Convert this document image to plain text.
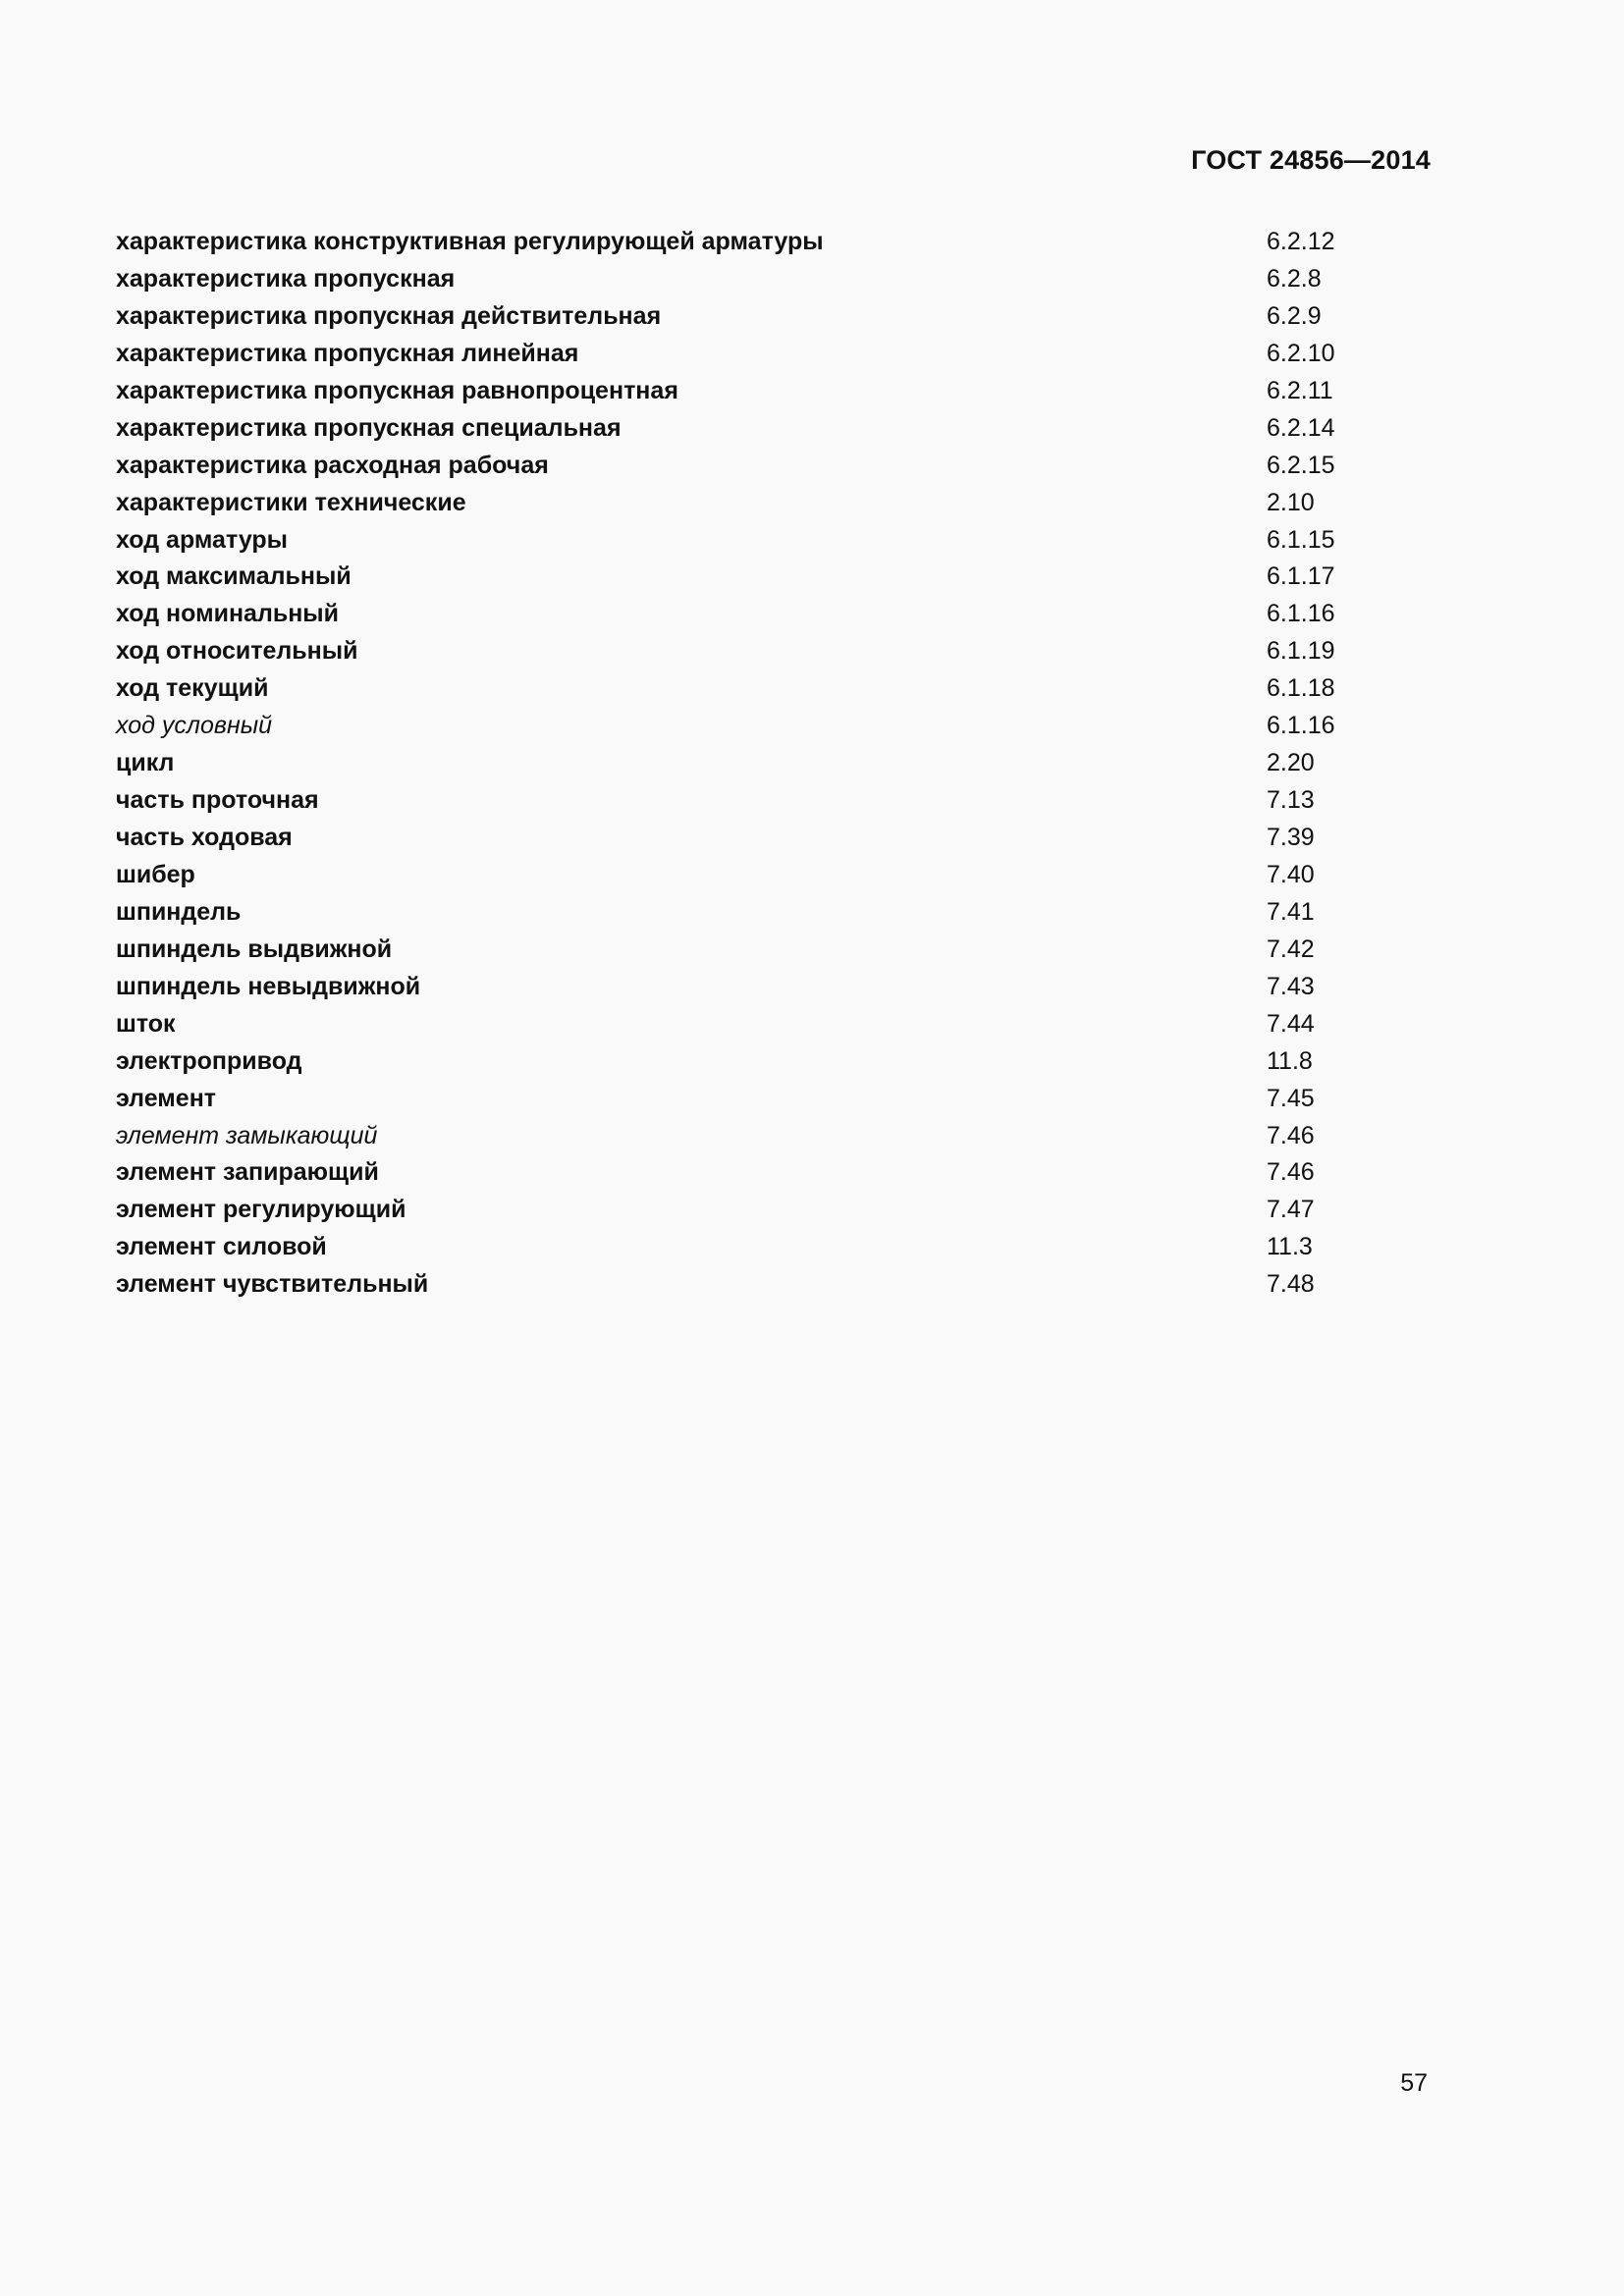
ГОСТ 24856—2014
характеристика конструктивная регулирующей арматуры	6.2.12
характеристика пропускная	6.2.8
характеристика пропускная действительная	6.2.9
характеристика пропускная линейная	6.2.10
характеристика пропускная равнопроцентная	6.2.11
характеристика пропускная специальная	6.2.14
характеристика расходная рабочая	6.2.15
характеристики технические	2.10
ход арматуры	6.1.15
ход максимальный	6.1.17
ход номинальный	6.1.16
ход относительный	6.1.19
ход текущий	6.1.18
ход условный	6.1.16
цикл	2.20
часть проточная	7.13
часть ходовая	7.39
шибер	7.40
шпиндель	7.41
шпиндель выдвижной	7.42
шпиндель невыдвижной	7.43
шток	7.44
электропривод	11.8
элемент	7.45
элемент замыкающий	7.46
элемент запирающий	7.46
элемент регулирующий	7.47
элемент силовой	11.3
элемент чувствительный	7.48
57
